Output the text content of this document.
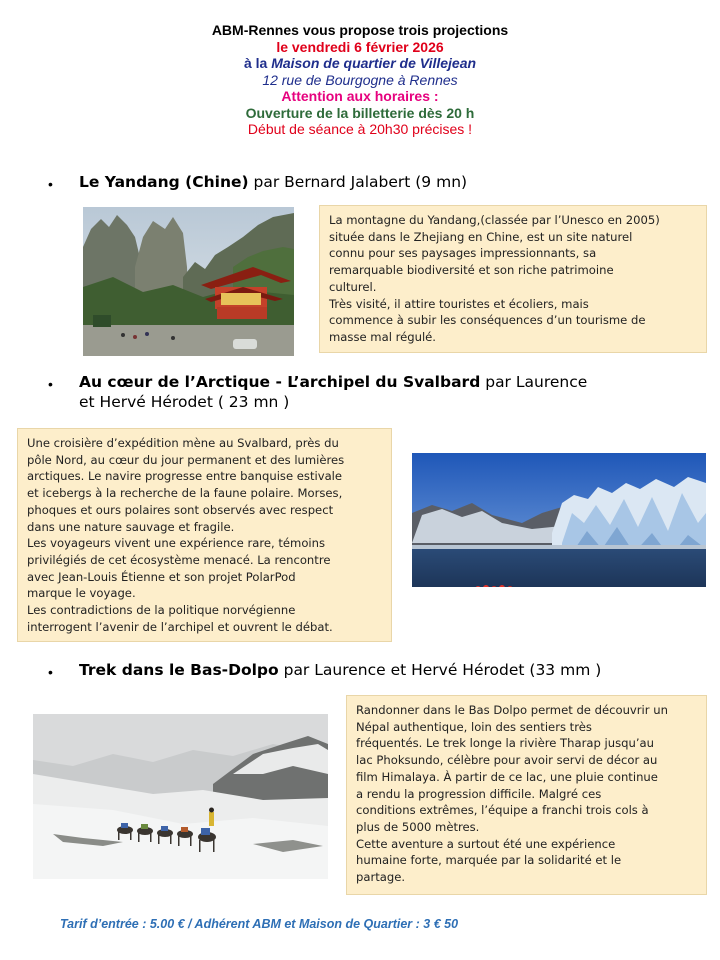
ABM-Rennes vous propose trois projections
le vendredi 6 février 2026
à la Maison de quartier de Villejean
12 rue de Bourgogne à Rennes
Attention aux horaires :
Ouverture de la billetterie dès 20 h
Début de séance à 20h30 précises !
• Le Yandang (Chine) par Bernard Jalabert (9 mn)
La montagne du Yandang,(classée par l’Unesco en 2005)
située dans le Zhejiang en Chine, est un site naturel
connu pour ses paysages impressionnants, sa
remarquable biodiversité et son riche patrimoine
culturel.
Très visité, il attire touristes et écoliers, mais
commence à subir les conséquences d’un tourisme de
masse mal régulé.
• Au cœur de l’Arctique - L’archipel du Svalbard par Laurence
et Hervé Hérodet ( 23 mn )
Une croisière d’expédition mène au Svalbard, près du
pôle Nord, au cœur du jour permanent et des lumières
arctiques. Le navire progresse entre banquise estivale
et icebergs à la recherche de la faune polaire. Morses,
phoques et ours polaires sont observés avec respect
dans une nature sauvage et fragile.
Les voyageurs vivent une expérience rare, témoins
privilégiés de cet écosystème menacé. La rencontre
avec Jean-Louis Étienne et son projet PolarPod
marque le voyage.
Les contradictions de la politique norvégienne
interrogent l’avenir de l’archipel et ouvrent le débat.
• Trek dans le Bas-Dolpo par Laurence et Hervé Hérodet (33 mm )
Randonner dans le Bas Dolpo permet de découvrir un
Népal authentique, loin des sentiers très
fréquentés. Le trek longe la rivière Tharap jusqu’au
lac Phoksundo, célèbre pour avoir servi de décor au
film Himalaya. À partir de ce lac, une pluie continue
a rendu la progression difficile. Malgré ces
conditions extrêmes, l’équipe a franchi trois cols à
plus de 5000 mètres.
Cette aventure a surtout été une expérience
humaine forte, marquée par la solidarité et le
partage.
Tarif d’entrée : 5.00 € / Adhérent ABM et Maison de Quartier : 3 € 50
